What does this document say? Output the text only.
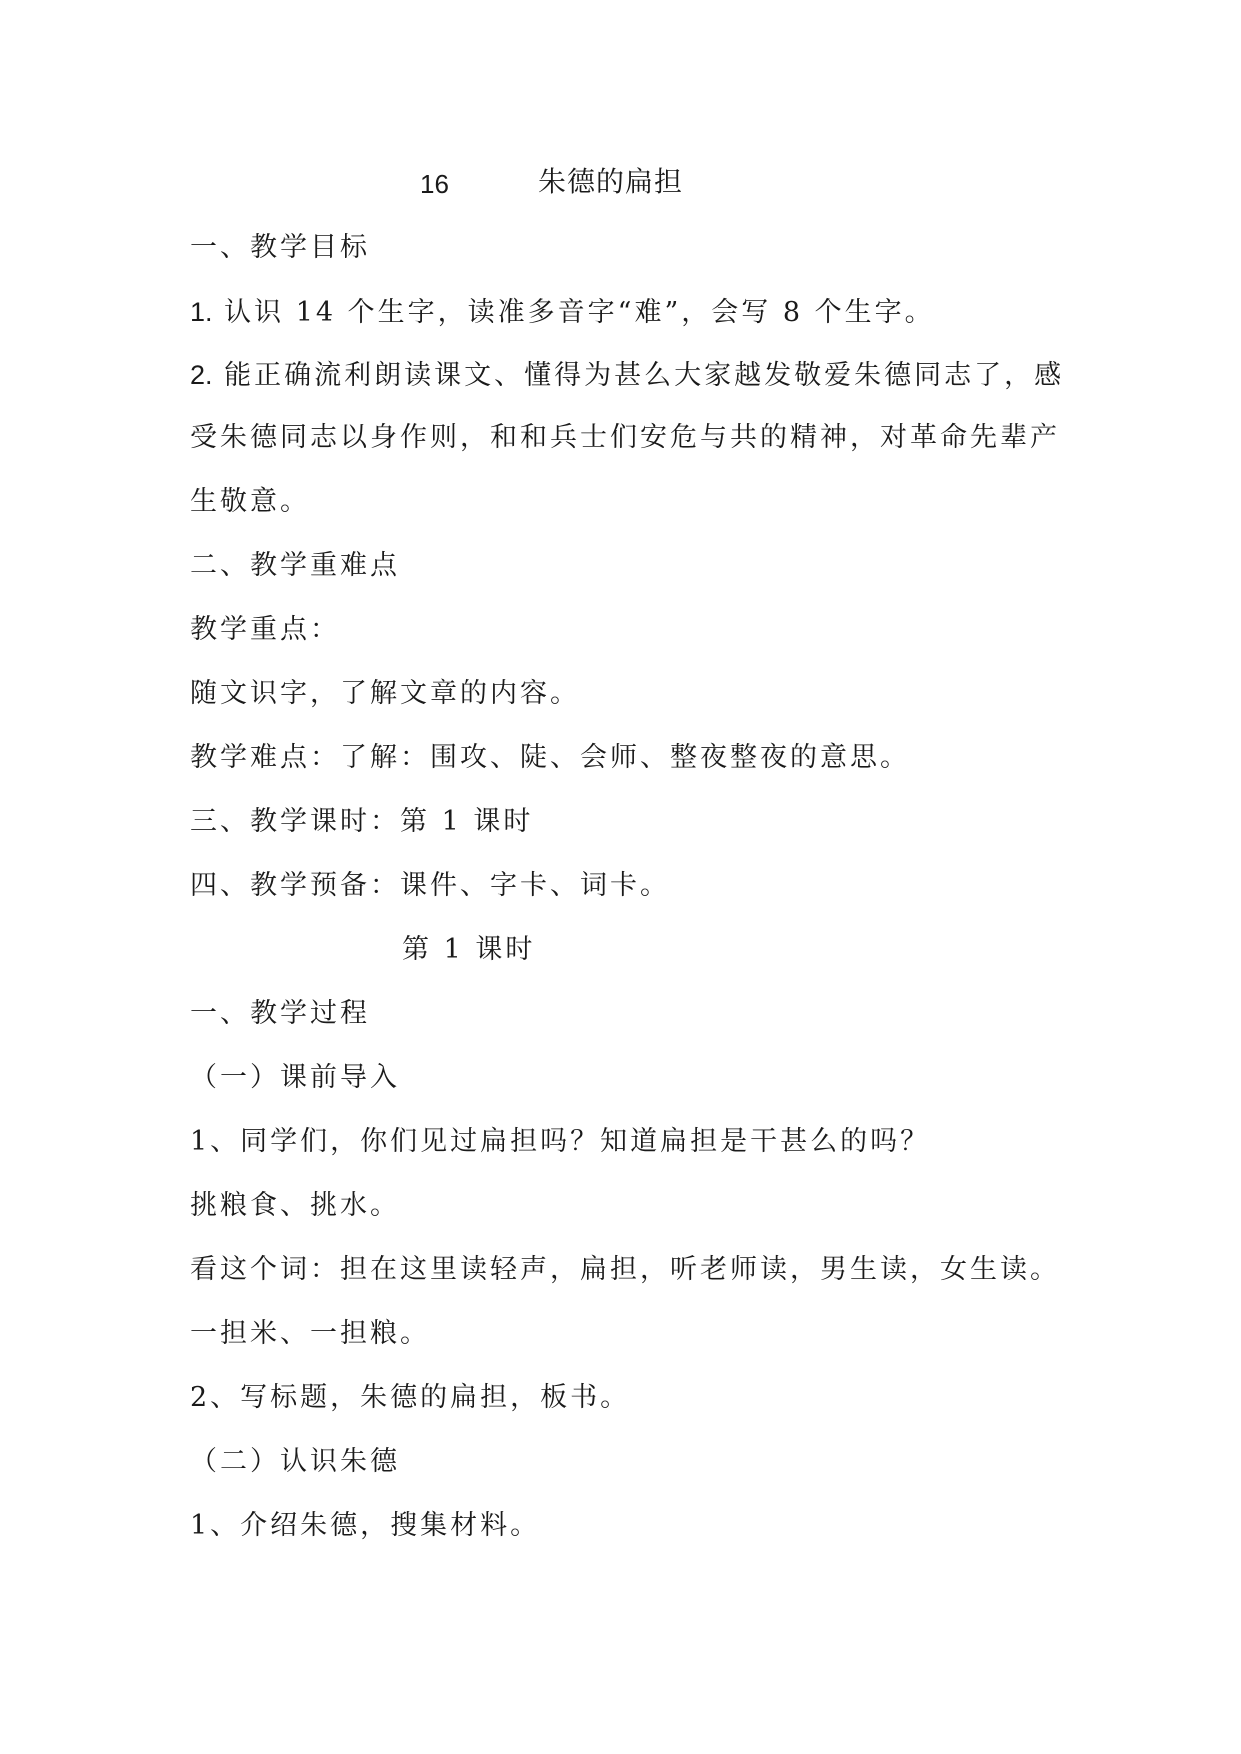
16	朱德的扁担
一、教学目标
1. 认识 14 个生字，读准多音字“难”，会写 8 个生字。
2. 能正确流利朗读课文、懂得为甚么大家越发敬爱朱德同志了，感
受朱德同志以身作则，和和兵士们安危与共的精神，对革命先辈产
生敬意。
二、教学重难点
教学重点：
随文识字，了解文章的内容。
教学难点：了解：围攻、陡、会师、整夜整夜的意思。
三、教学课时：第 1 课时
四、教学预备：课件、字卡、词卡。
第 1 课时
一、教学过程
（一）课前导入
1、同学们，你们见过扁担吗？知道扁担是干甚么的吗？
挑粮食、挑水。
看这个词：担在这里读轻声，扁担，听老师读，男生读，女生读。
一担米、一担粮。
2、写标题，朱德的扁担，板书。
（二）认识朱德
1、介绍朱德，搜集材料。
